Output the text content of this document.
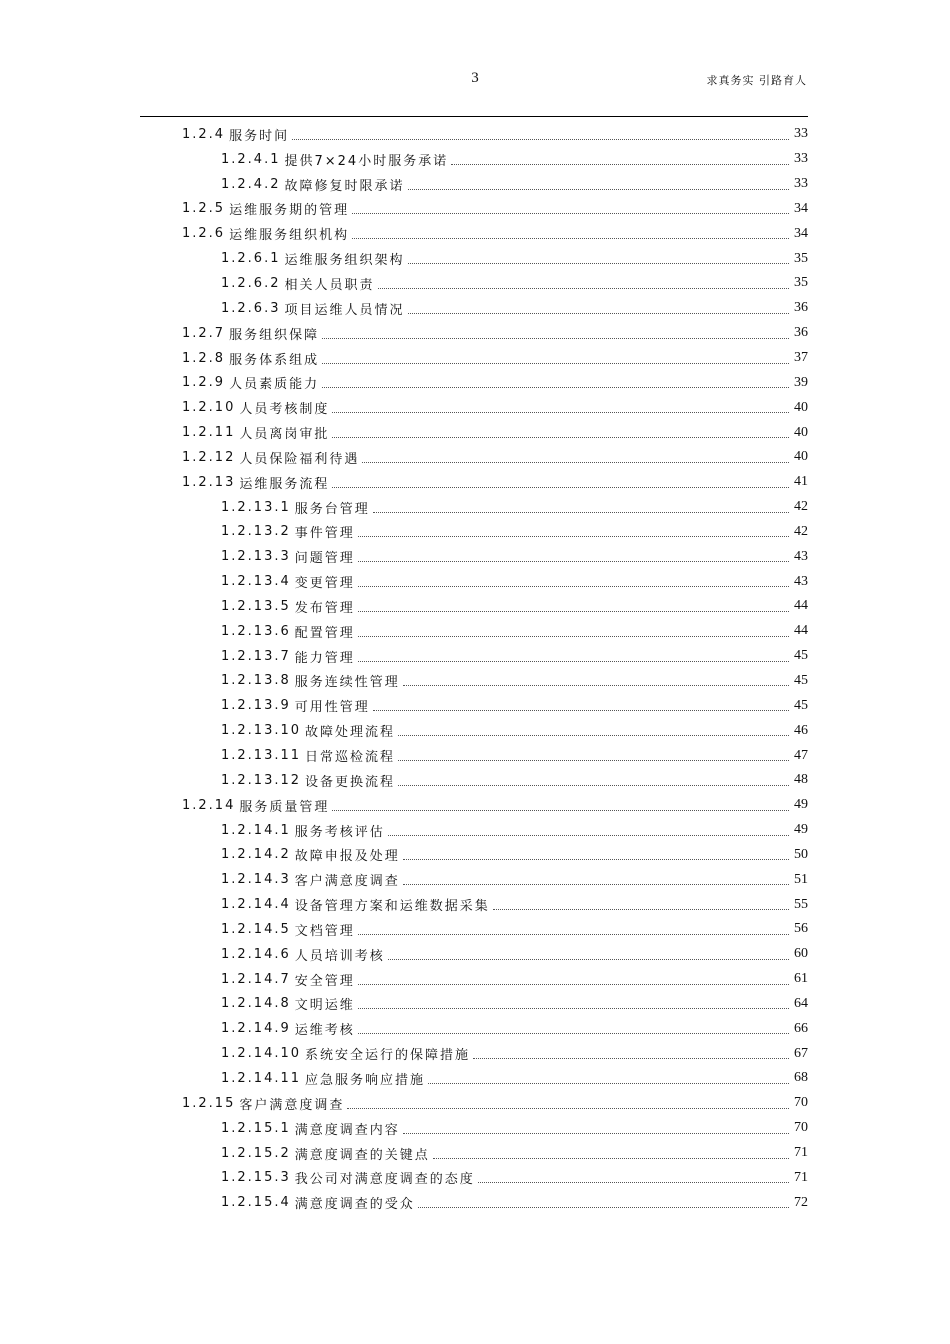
3	求真务实 引路育人
1.2.4 服务时间	33
1.2.4.1 提供7×24小时服务承诺	33
1.2.4.2 故障修复时限承诺	33
1.2.5 运维服务期的管理	34
1.2.6 运维服务组织机构	34
1.2.6.1 运维服务组织架构	35
1.2.6.2 相关人员职责	35
1.2.6.3 项目运维人员情况	36
1.2.7 服务组织保障	36
1.2.8 服务体系组成	37
1.2.9 人员素质能力	39
1.2.10 人员考核制度	40
1.2.11 人员离岗审批	40
1.2.12 人员保险福利待遇	40
1.2.13 运维服务流程	41
1.2.13.1 服务台管理	42
1.2.13.2 事件管理	42
1.2.13.3 问题管理	43
1.2.13.4 变更管理	43
1.2.13.5 发布管理	44
1.2.13.6 配置管理	44
1.2.13.7 能力管理	45
1.2.13.8 服务连续性管理	45
1.2.13.9 可用性管理	45
1.2.13.10 故障处理流程	46
1.2.13.11 日常巡检流程	47
1.2.13.12 设备更换流程	48
1.2.14 服务质量管理	49
1.2.14.1 服务考核评估	49
1.2.14.2 故障申报及处理	50
1.2.14.3 客户满意度调查	51
1.2.14.4 设备管理方案和运维数据采集	55
1.2.14.5 文档管理	56
1.2.14.6 人员培训考核	60
1.2.14.7 安全管理	61
1.2.14.8 文明运维	64
1.2.14.9 运维考核	66
1.2.14.10 系统安全运行的保障措施	67
1.2.14.11 应急服务响应措施	68
1.2.15 客户满意度调查	70
1.2.15.1 满意度调查内容	70
1.2.15.2 满意度调查的关键点	71
1.2.15.3 我公司对满意度调查的态度	71
1.2.15.4 满意度调查的受众	72
